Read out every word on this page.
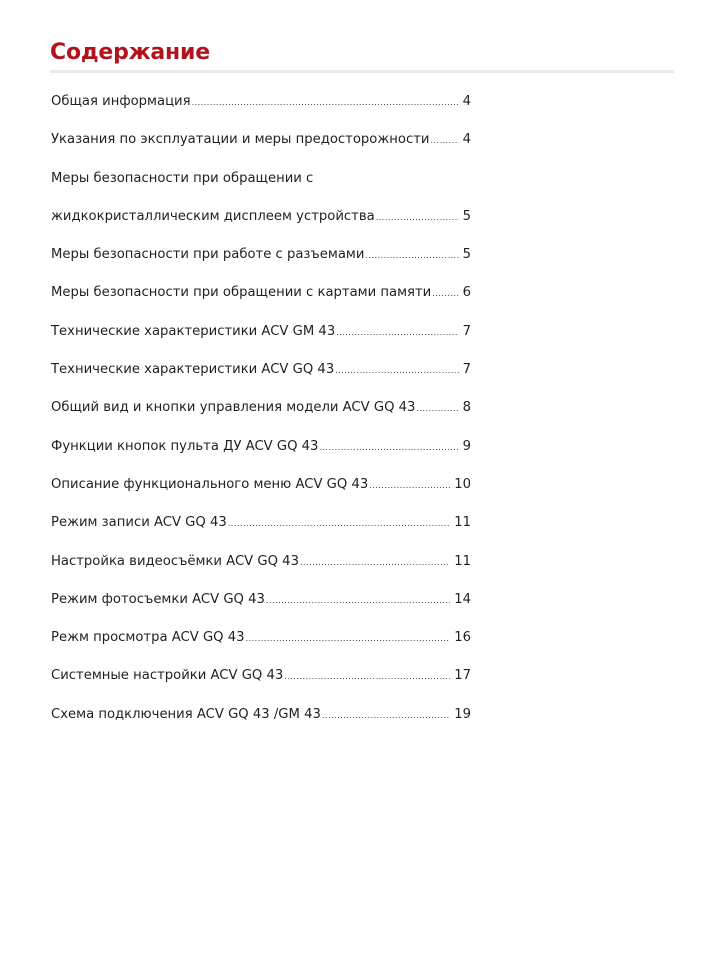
Содержание
Общая информация .....	4
Указания по эксплуатации и меры предосторожности .....	4
Меры безопасности при обращении с
жидкокристаллическим дисплеем устройства .....	5
Меры безопасности при работе с разъемами .....	5
Меры безопасности при обращении с картами памяти ..... 6
Технические характеристики ACV GM 43 .....	7
Технические характеристики ACV GQ 43 .....	7
Общий вид и кнопки управления модели ACV GQ 43 .....	8
Функции кнопок пульта ДУ ACV GQ 43 .....	9
Описание функционального меню ACV GQ 43 .....	10
Режим записи ACV GQ 43 .....	11
Настройка видеосъёмки ACV GQ 43 .....	11
Режим фотосъемки ACV GQ 43 .....	14
Режм просмотра ACV GQ 43 .....	16
Системные настройки ACV GQ 43 .....	17
Схема подключения ACV GQ 43 /GM 43 .....	19
